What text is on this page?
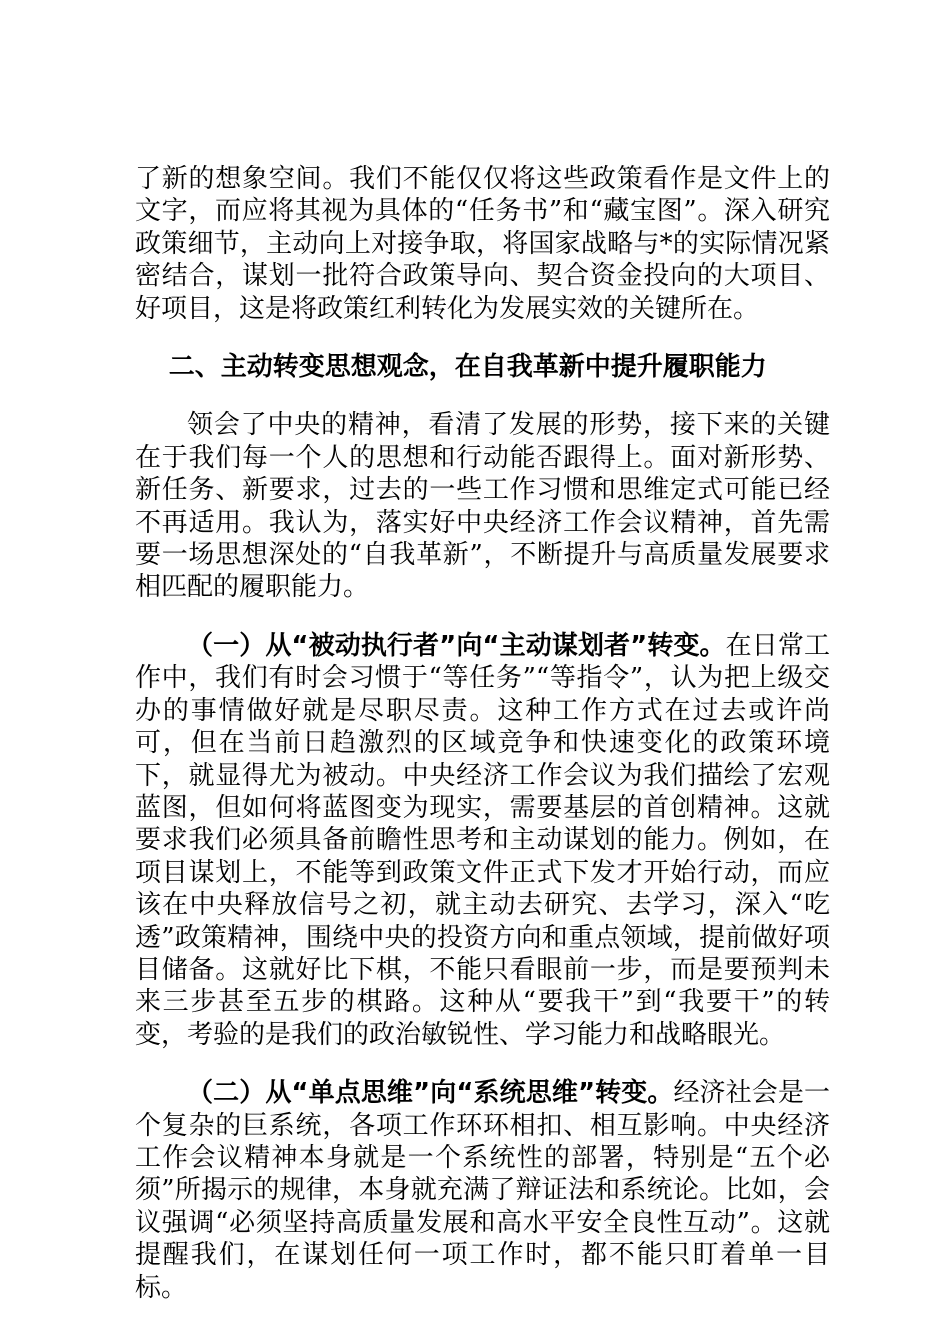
了新的想象空间。我们不能仅仅将这些政策看作是文件上的文字，而应将其视为具体的“任务书”和“藏宝图”。深入研究政策细节，主动向上对接争取，将国家战略与*的实际情况紧密结合，谋划一批符合政策导向、契合资金投向的大项目、好项目，这是将政策红利转化为发展实效的关键所在。

二、主动转变思想观念，在自我革新中提升履职能力

领会了中央的精神，看清了发展的形势，接下来的关键在于我们每一个人的思想和行动能否跟得上。面对新形势、新任务、新要求，过去的一些工作习惯和思维定式可能已经不再适用。我认为，落实好中央经济工作会议精神，首先需要一场思想深处的“自我革新”，不断提升与高质量发展要求相匹配的履职能力。

（一）从“被动执行者”向“主动谋划者”转变。在日常工作中，我们有时会习惯于“等任务”“等指令”，认为把上级交办的事情做好就是尽职尽责。这种工作方式在过去或许尚可，但在当前日趋激烈的区域竞争和快速变化的政策环境下，就显得尤为被动。中央经济工作会议为我们描绘了宏观蓝图，但如何将蓝图变为现实，需要基层的首创精神。这就要求我们必须具备前瞻性思考和主动谋划的能力。例如，在项目谋划上，不能等到政策文件正式下发才开始行动，而应该在中央释放信号之初，就主动去研究、去学习，深入“吃透”政策精神，围绕中央的投资方向和重点领域，提前做好项目储备。这就好比下棋，不能只看眼前一步，而是要预判未来三步甚至五步的棋路。这种从“要我干”到“我要干”的转变，考验的是我们的政治敏锐性、学习能力和战略眼光。

（二）从“单点思维”向“系统思维”转变。经济社会是一个复杂的巨系统，各项工作环环相扣、相互影响。中央经济工作会议精神本身就是一个系统性的部署，特别是“五个必须”所揭示的规律，本身就充满了辩证法和系统论。比如，会议强调“必须坚持高质量发展和高水平安全良性互动”。这就提醒我们，在谋划任何一项工作时，都不能只盯着单一目标。
